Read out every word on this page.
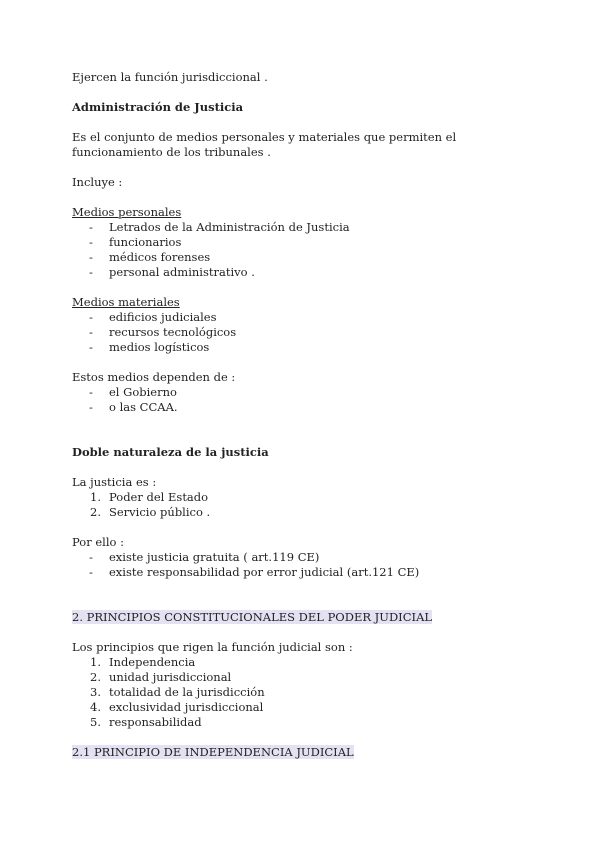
Ejercen la función jurisdiccional .

Administración de Justicia

Es el conjunto de medios personales y materiales que permiten el

funcionamiento de los tribunales .

Incluye :

Medios personales

- Letrados de la Administración de Justicia
- funcionarios
- médicos forenses
- personal administrativo .

Medios materiales

- edificios judiciales
- recursos tecnológicos
- medios logísticos

Estos medios dependen de :

- el Gobierno
- o las CCAA.

Doble naturaleza de la justicia

La justicia es :

1. Poder del Estado
2. Servicio público .

Por ello :

- existe justicia gratuita ( art.119 CE)
- existe responsabilidad por error judicial (art.121 CE)

2. PRINCIPIOS CONSTITUCIONALES DEL PODER JUDICIAL

Los principios que rigen la función judicial son :

1. Independencia
2. unidad jurisdiccional
3. totalidad de la jurisdicción
4. exclusividad jurisdiccional
5. responsabilidad

2.1 PRINCIPIO DE INDEPENDENCIA JUDICIAL
